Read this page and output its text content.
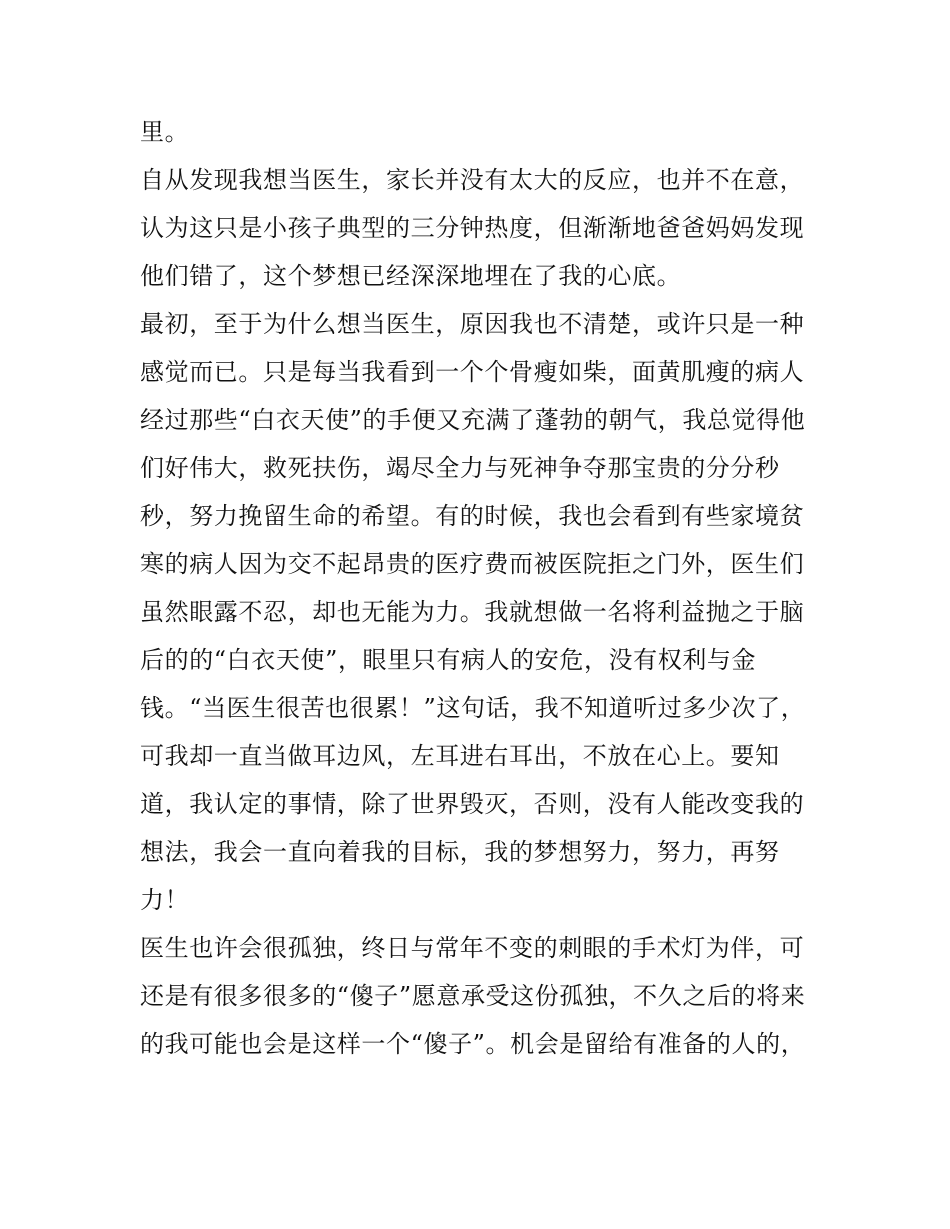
里。
自从发现我想当医生，家长并没有太大的反应，也并不在意，
认为这只是小孩子典型的三分钟热度，但渐渐地爸爸妈妈发现
他们错了，这个梦想已经深深地埋在了我的心底。
最初，至于为什么想当医生，原因我也不清楚，或许只是一种
感觉而已。只是每当我看到一个个骨瘦如柴，面黄肌瘦的病人
经过那些“白衣天使”的手便又充满了蓬勃的朝气，我总觉得他
们好伟大，救死扶伤，竭尽全力与死神争夺那宝贵的分分秒
秒，努力挽留生命的希望。有的时候，我也会看到有些家境贫
寒的病人因为交不起昂贵的医疗费而被医院拒之门外，医生们
虽然眼露不忍，却也无能为力。我就想做一名将利益抛之于脑
后的的“白衣天使”，眼里只有病人的安危，没有权利与金
钱。“当医生很苦也很累！”这句话，我不知道听过多少次了，
可我却一直当做耳边风，左耳进右耳出，不放在心上。要知
道，我认定的事情，除了世界毁灭，否则，没有人能改变我的
想法，我会一直向着我的目标，我的梦想努力，努力，再努
力！
医生也许会很孤独，终日与常年不变的刺眼的手术灯为伴，可
还是有很多很多的“傻子”愿意承受这份孤独，不久之后的将来
的我可能也会是这样一个“傻子”。机会是留给有准备的人的，
